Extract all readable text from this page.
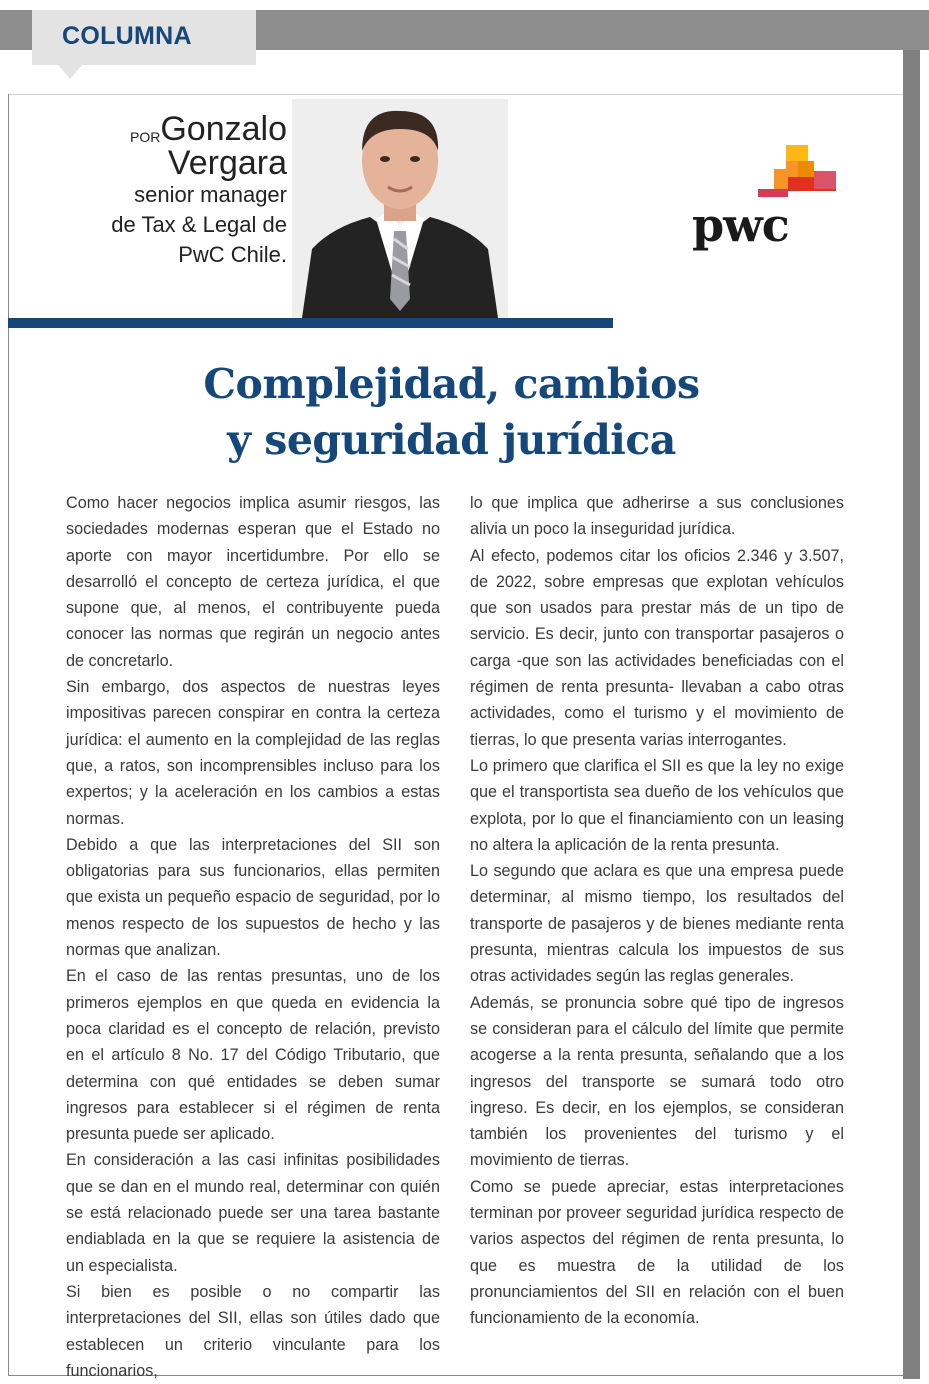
COLUMNA
$^{POR}$Gonzalo
Vergara
senior manager
de Tax & Legal de
PwC Chile.
pwc
Complejidad, cambios
y seguridad jurídica

Como hacer negocios implica asumir riesgos, las sociedades modernas esperan que el Estado no aporte con mayor incertidumbre. Por ello se desarrolló el concepto de certeza jurídica, el que supone que, al menos, el contribuyente pueda conocer las normas que regirán un negocio antes de concretarlo.

Sin embargo, dos aspectos de nuestras leyes impositivas parecen conspirar en contra la certeza jurídica: el aumento en la complejidad de las reglas que, a ratos, son incomprensibles incluso para los expertos; y la aceleración en los cambios a estas normas.

Debido a que las interpretaciones del SII son obligatorias para sus funcionarios, ellas permiten que exista un pequeño espacio de seguridad, por lo menos respecto de los supuestos de hecho y las normas que analizan.

En el caso de las rentas presuntas, uno de los primeros ejemplos en que queda en evidencia la poca claridad es el concepto de relación, previsto en el artículo 8 No. 17 del Código Tributario, que determina con qué entidades se deben sumar ingresos para establecer si el régimen de renta presunta puede ser aplicado.

En consideración a las casi infinitas posibilidades que se dan en el mundo real, determinar con quién se está relacionado puede ser una tarea bastante endiablada en la que se requiere la asistencia de un especialista.

Si bien es posible o no compartir las interpretaciones del SII, ellas son útiles dado que establecen un criterio vinculante para los funcionarios,

lo que implica que adherirse a sus conclusiones alivia un poco la inseguridad jurídica.

Al efecto, podemos citar los oficios 2.346 y 3.507, de 2022, sobre empresas que explotan vehículos que son usados para prestar más de un tipo de servicio. Es decir, junto con transportar pasajeros o carga -que son las actividades beneficiadas con el régimen de renta presunta- llevaban a cabo otras actividades, como el turismo y el movimiento de tierras, lo que presenta varias interrogantes.

Lo primero que clarifica el SII es que la ley no exige que el transportista sea dueño de los vehículos que explota, por lo que el financiamiento con un leasing no altera la aplicación de la renta presunta.

Lo segundo que aclara es que una empresa puede determinar, al mismo tiempo, los resultados del transporte de pasajeros y de bienes mediante renta presunta, mientras calcula los impuestos de sus otras actividades según las reglas generales.

Además, se pronuncia sobre qué tipo de ingresos se consideran para el cálculo del límite que permite acogerse a la renta presunta, señalando que a los ingresos del transporte se sumará todo otro ingreso. Es decir, en los ejemplos, se consideran también los provenientes del turismo y el movimiento de tierras.

Como se puede apreciar, estas interpretaciones terminan por proveer seguridad jurídica respecto de varios aspectos del régimen de renta presunta, lo que es muestra de la utilidad de los pronunciamientos del SII en relación con el buen funcionamiento de la economía.
